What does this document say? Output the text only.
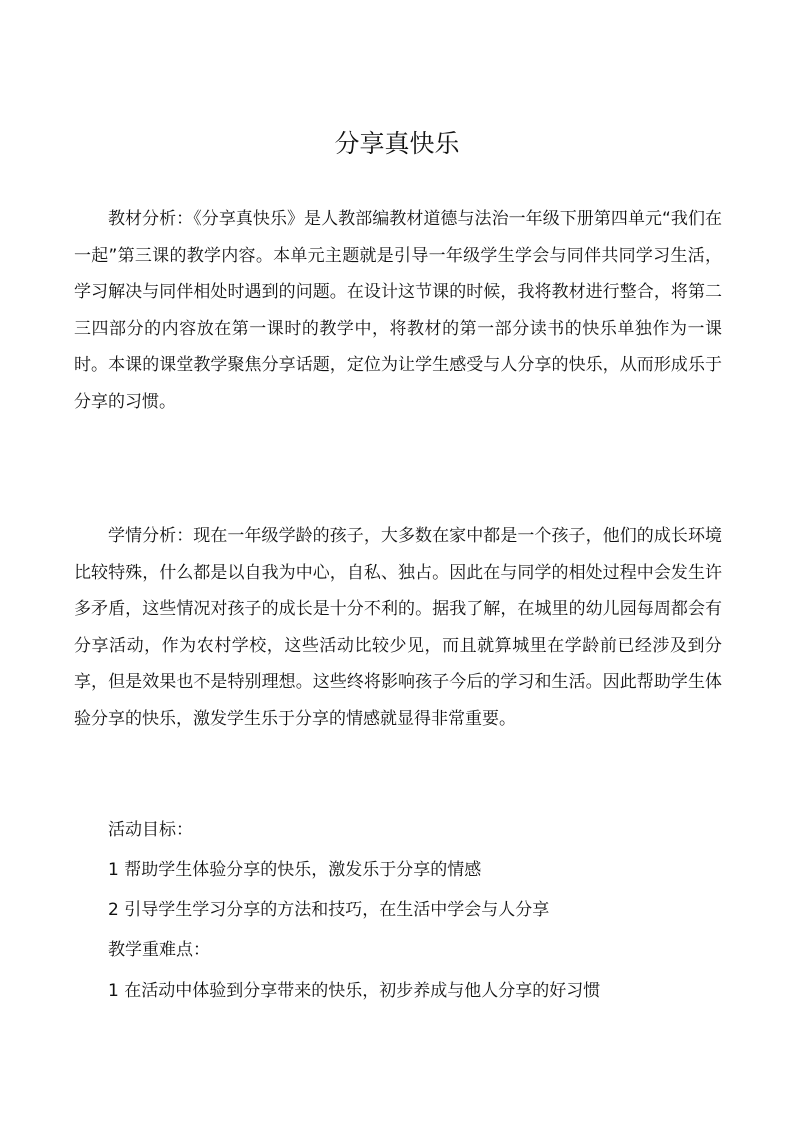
分享真快乐

教材分析：《分享真快乐》是人教部编教材道德与法治一年级下册第四单元“我们在一起”第三课的教学内容。本单元主题就是引导一年级学生学会与同伴共同学习生活，学习解决与同伴相处时遇到的问题。在设计这节课的时候，我将教材进行整合，将第二三四部分的内容放在第一课时的教学中，将教材的第一部分读书的快乐单独作为一课时。本课的课堂教学聚焦分享话题，定位为让学生感受与人分享的快乐，从而形成乐于分享的习惯。

学情分析：现在一年级学龄的孩子，大多数在家中都是一个孩子，他们的成长环境比较特殊，什么都是以自我为中心，自私、独占。因此在与同学的相处过程中会发生许多矛盾，这些情况对孩子的成长是十分不利的。据我了解，在城里的幼儿园每周都会有分享活动，作为农村学校，这些活动比较少见，而且就算城里在学龄前已经涉及到分享，但是效果也不是特别理想。这些终将影响孩子今后的学习和生活。因此帮助学生体验分享的快乐，激发学生乐于分享的情感就显得非常重要。

活动目标：

1 帮助学生体验分享的快乐，激发乐于分享的情感

2 引导学生学习分享的方法和技巧，在生活中学会与人分享

教学重难点：

1 在活动中体验到分享带来的快乐，初步养成与他人分享的好习惯
